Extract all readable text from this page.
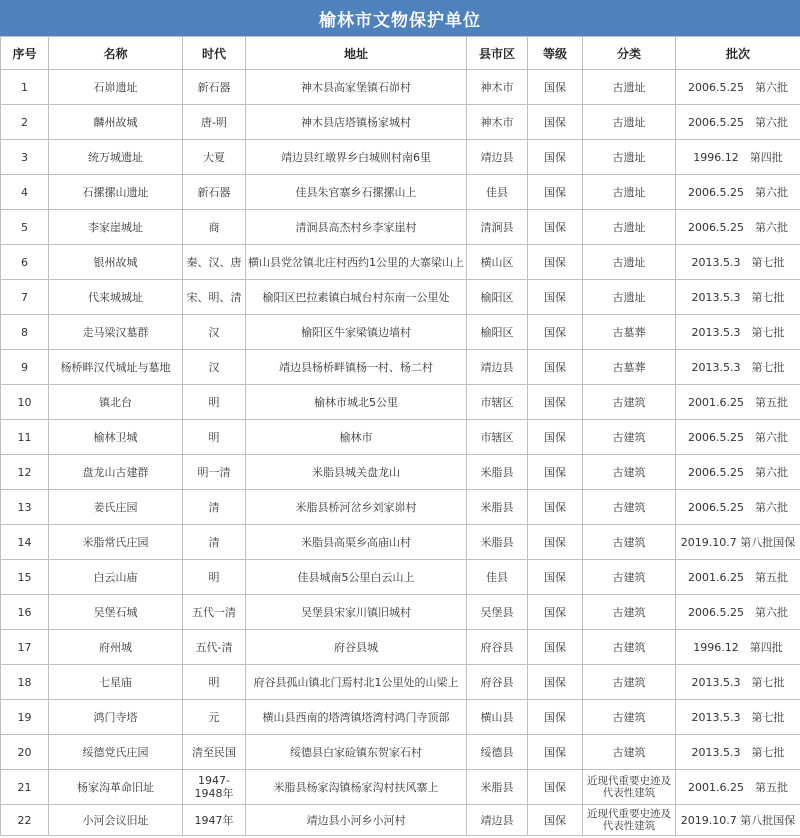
榆林市文物保护单位
序号	名称	时代	地址	县市区	等级	分类	批次
1	石峁遗址	新石器	神木县高家堡镇石峁村	神木市	国保	古遗址	2006.5.25　第六批
2	麟州故城	唐-明	神木县店塔镇杨家城村	神木市	国保	古遗址	2006.5.25　第六批
3	统万城遗址	大夏	靖边县红墩界乡白城则村南6里	靖边县	国保	古遗址	1996.12　第四批
4	石摞摞山遗址	新石器	佳县朱官寨乡石摞摞山上	佳县	国保	古遗址	2006.5.25　第六批
5	李家崖城址	商	清涧县高杰村乡李家崖村	清涧县	国保	古遗址	2006.5.25　第六批
6	银州故城	秦、汉、唐	横山县党岔镇北庄村西约1公里的大寨梁山上	横山区	国保	古遗址	2013.5.3　第七批
7	代来城城址	宋、明、清	榆阳区巴拉素镇白城台村东南一公里处	榆阳区	国保	古遗址	2013.5.3　第七批
8	走马梁汉墓群	汉	榆阳区牛家梁镇边墙村	榆阳区	国保	古墓葬	2013.5.3　第七批
9	杨桥畔汉代城址与墓地	汉	靖边县杨桥畔镇杨一村、杨二村	靖边县	国保	古墓葬	2013.5.3　第七批
10	镇北台	明	榆林市城北5公里	市辖区	国保	古建筑	2001.6.25　第五批
11	榆林卫城	明	榆林市	市辖区	国保	古建筑	2006.5.25　第六批
12	盘龙山古建群	明一清	米脂县城关盘龙山	米脂县	国保	古建筑	2006.5.25　第六批
13	姜氏庄园	清	米脂县桥河岔乡刘家峁村	米脂县	国保	古建筑	2006.5.25　第六批
14	米脂常氏庄园	清	米脂县高渠乡高庙山村	米脂县	国保	古建筑	2019.10.7 第八批国保
15	白云山庙	明	佳县城南5公里白云山上	佳县	国保	古建筑	2001.6.25　第五批
16	吴堡石城	五代一清	吴堡县宋家川镇旧城村	吴堡县	国保	古建筑	2006.5.25　第六批
17	府州城	五代-清	府谷县城	府谷县	国保	古建筑	1996.12　第四批
18	七星庙	明	府谷县孤山镇北门焉村北1公里处的山梁上	府谷县	国保	古建筑	2013.5.3　第七批
19	鸿门寺塔	元	横山县西南的塔湾镇塔湾村鸿门寺顶部	横山县	国保	古建筑	2013.5.3　第七批
20	绥德党氏庄园	清至民国	绥德县白家硷镇东贺家石村	绥德县	国保	古建筑	2013.5.3　第七批
21	杨家沟革命旧址	1947-1948年	米脂县杨家沟镇杨家沟村扶风寨上	米脂县	国保	近现代重要史迹及代表性建筑	2001.6.25　第五批
22	小河会议旧址	1947年	靖边县小河乡小河村	靖边县	国保	近现代重要史迹及代表性建筑	2019.10.7 第八批国保
